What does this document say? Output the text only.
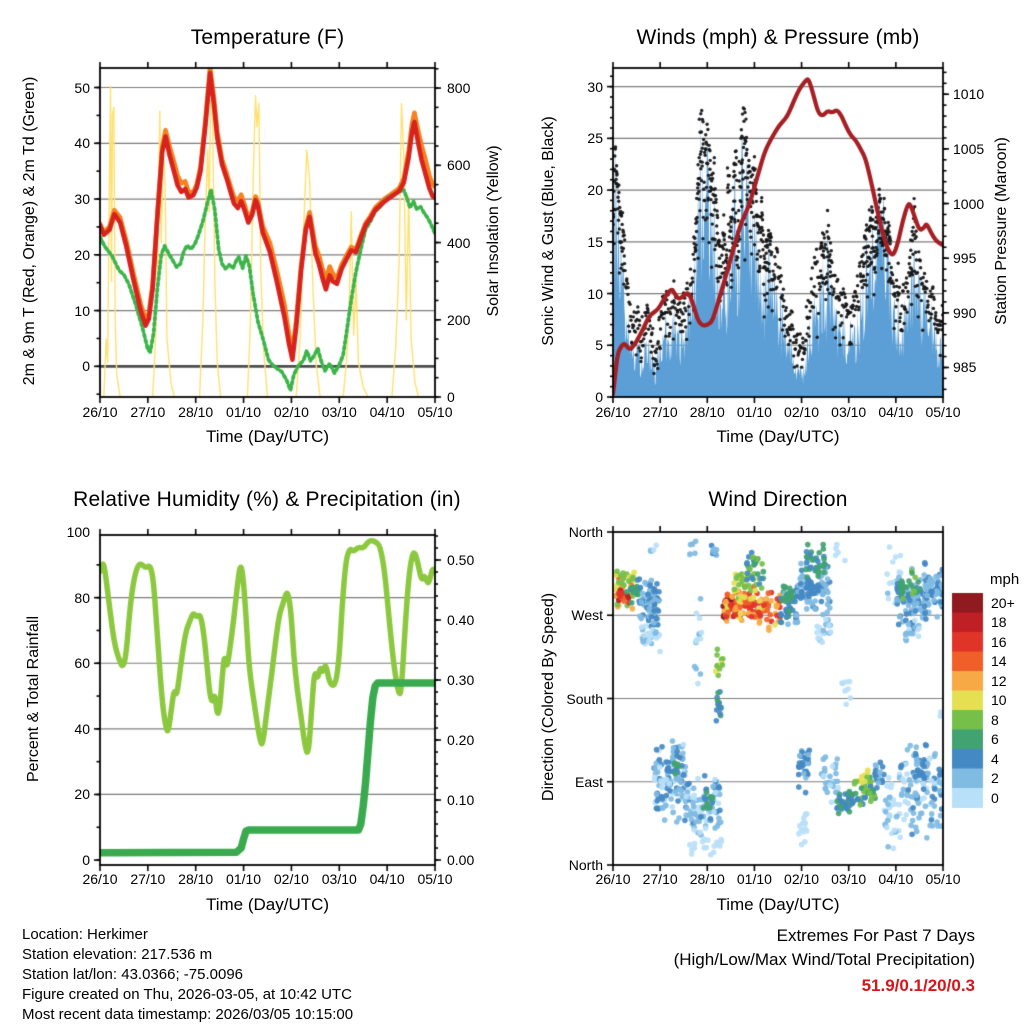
Temperature (F)	Winds (mph) & Pressure (mb)
Relative Humidity (%) & Precipitation (in)	Wind Direction
Time (Day/UTC)	Time (Day/UTC)
Time (Day/UTC)	Time (Day/UTC)
2m & 9m T (Red, Orange) & 2m Td (Green)	Solar Insolation (Yellow) Sonic Wind & Gust (Blue, Black)	Station Pressure (Maroon)
Percent & Total Rainfall	Direction (Colored By Speed)
mph
0
10
20
30
40
50
0
200
400
600
800
26/10 27/10 28/10 01/10 02/10 03/10 04/10 05/10
0
5
10
15
20
25
30
985
990
995
1000
1005
1010
26/10 27/10 28/10 01/10 02/10 03/10 04/10 05/10
0
20
40
60
80
100
0.00
0.10
0.20
0.30
0.40
0.50
26/10 27/10 28/10 01/10 02/10 03/10 04/10 05/10
North
West
South
East
North
26/10 27/10 28/10 01/10 02/10 03/10 04/10 05/10
20+
18
16
14
12
10
8
6
4
2
0
Extremes For Past 7 Days
(High/Low/Max Wind/Total Precipitation)
51.9/0.1/20/0.3
Location: Herkimer
Station elevation: 217.536 m
Station lat/lon: 43.0366; -75.0096
Figure created on Thu, 2026-03-05, at 10:42 UTC
Most recent data timestamp: 2026/03/05 10:15:00
